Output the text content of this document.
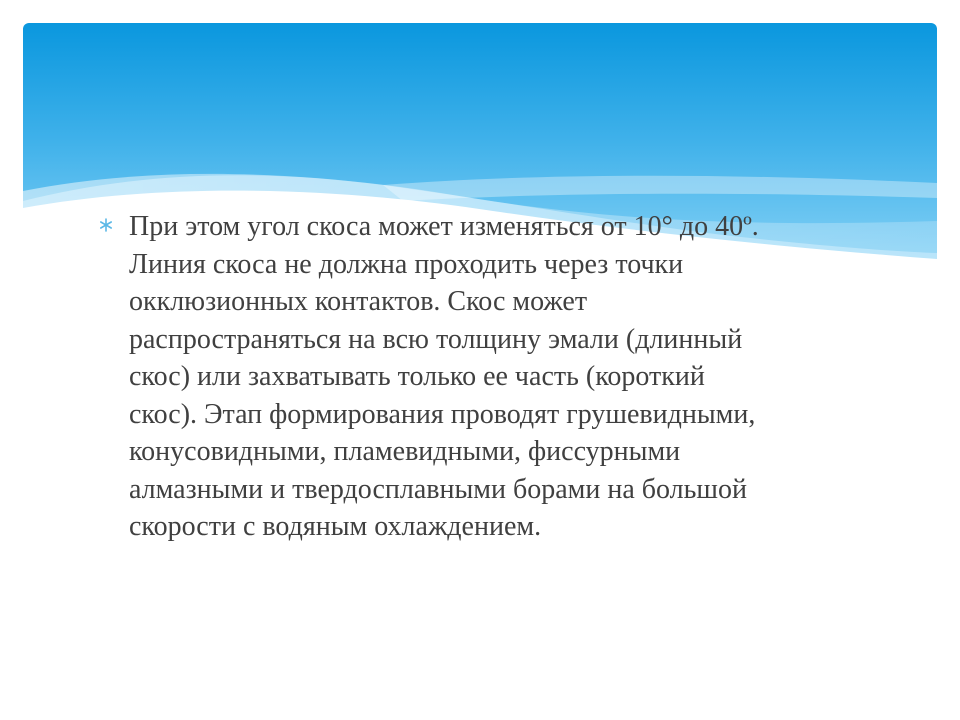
При этом угол скоса может изменяться от 10° до 40º.
Линия скоса не должна проходить через точки
окклюзионных контактов. Скос может
распространяться на всю толщину эмали (длинный
скос) или захватывать только ее часть (короткий
скос). Этап формирования проводят грушевидными,
конусовидными, пламевидными, фиссурными
алмазными и твердосплавными борами на большой
скорости с водяным охлаждением.
